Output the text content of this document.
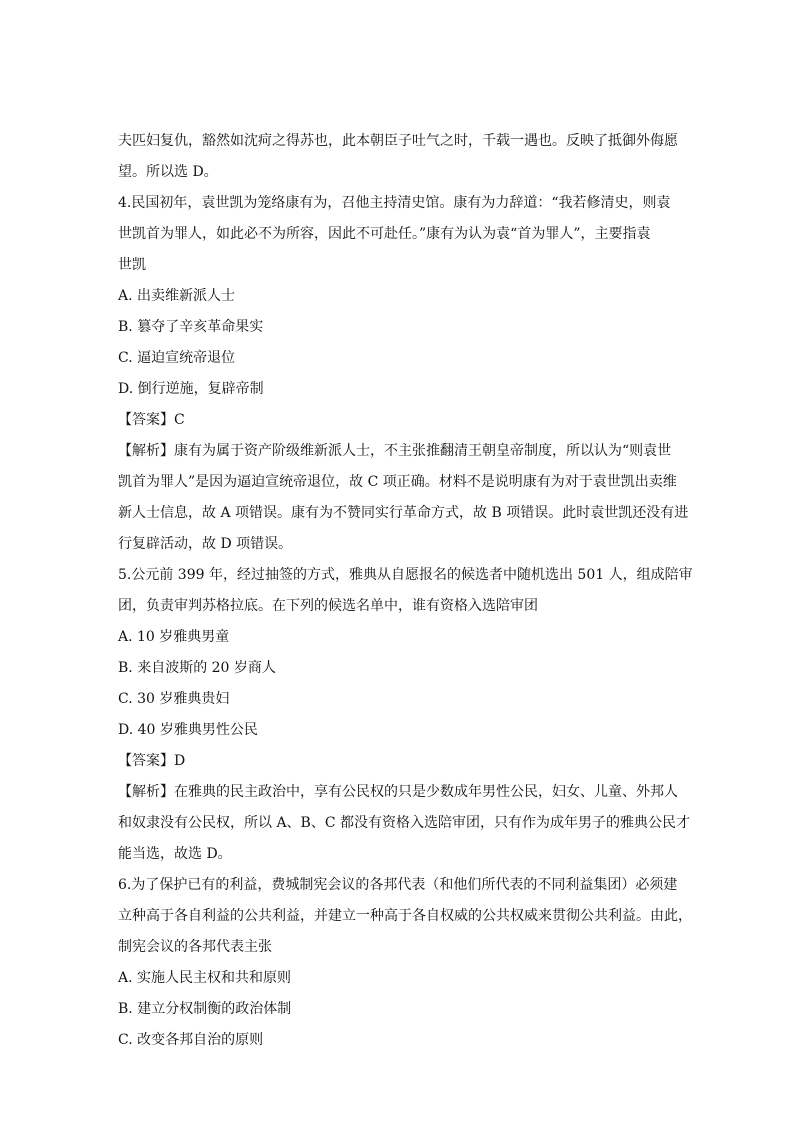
夫匹妇复仇，豁然如沈疴之得苏也，此本朝臣子吐气之时，千载一遇也。反映了抵御外侮愿
望。所以选 D。
4.民国初年，袁世凯为笼络康有为，召他主持清史馆。康有为力辞道：“我若修清史，则袁
世凯首为罪人，如此必不为所容，因此不可赴任。”康有为认为袁“首为罪人”，主要指袁
世凯
A. 出卖维新派人士
B. 篡夺了辛亥革命果实
C. 逼迫宣统帝退位
D. 倒行逆施，复辟帝制
【答案】C
【解析】康有为属于资产阶级维新派人士，不主张推翻清王朝皇帝制度，所以认为“则袁世
凯首为罪人”是因为逼迫宣统帝退位，故 C 项正确。材料不是说明康有为对于袁世凯出卖维
新人士信息，故 A 项错误。康有为不赞同实行革命方式，故 B 项错误。此时袁世凯还没有进
行复辟活动，故 D 项错误。
5.公元前 399 年，经过抽签的方式，雅典从自愿报名的候选者中随机选出 501 人，组成陪审
团，负责审判苏格拉底。在下列的候选名单中，谁有资格入选陪审团
A. 10 岁雅典男童
B. 来自波斯的 20 岁商人
C. 30 岁雅典贵妇
D. 40 岁雅典男性公民
【答案】D
【解析】在雅典的民主政治中，享有公民权的只是少数成年男性公民，妇女、儿童、外邦人
和奴隶没有公民权，所以 A、B、C 都没有资格入选陪审团，只有作为成年男子的雅典公民才
能当选，故选 D。
6.为了保护已有的利益，费城制宪会议的各邦代表（和他们所代表的不同利益集团）必须建
立种高于各自利益的公共利益，并建立一种高于各自权威的公共权威来贯彻公共利益。由此，
制宪会议的各邦代表主张
A. 实施人民主权和共和原则
B. 建立分权制衡的政治体制
C. 改变各邦自治的原则
